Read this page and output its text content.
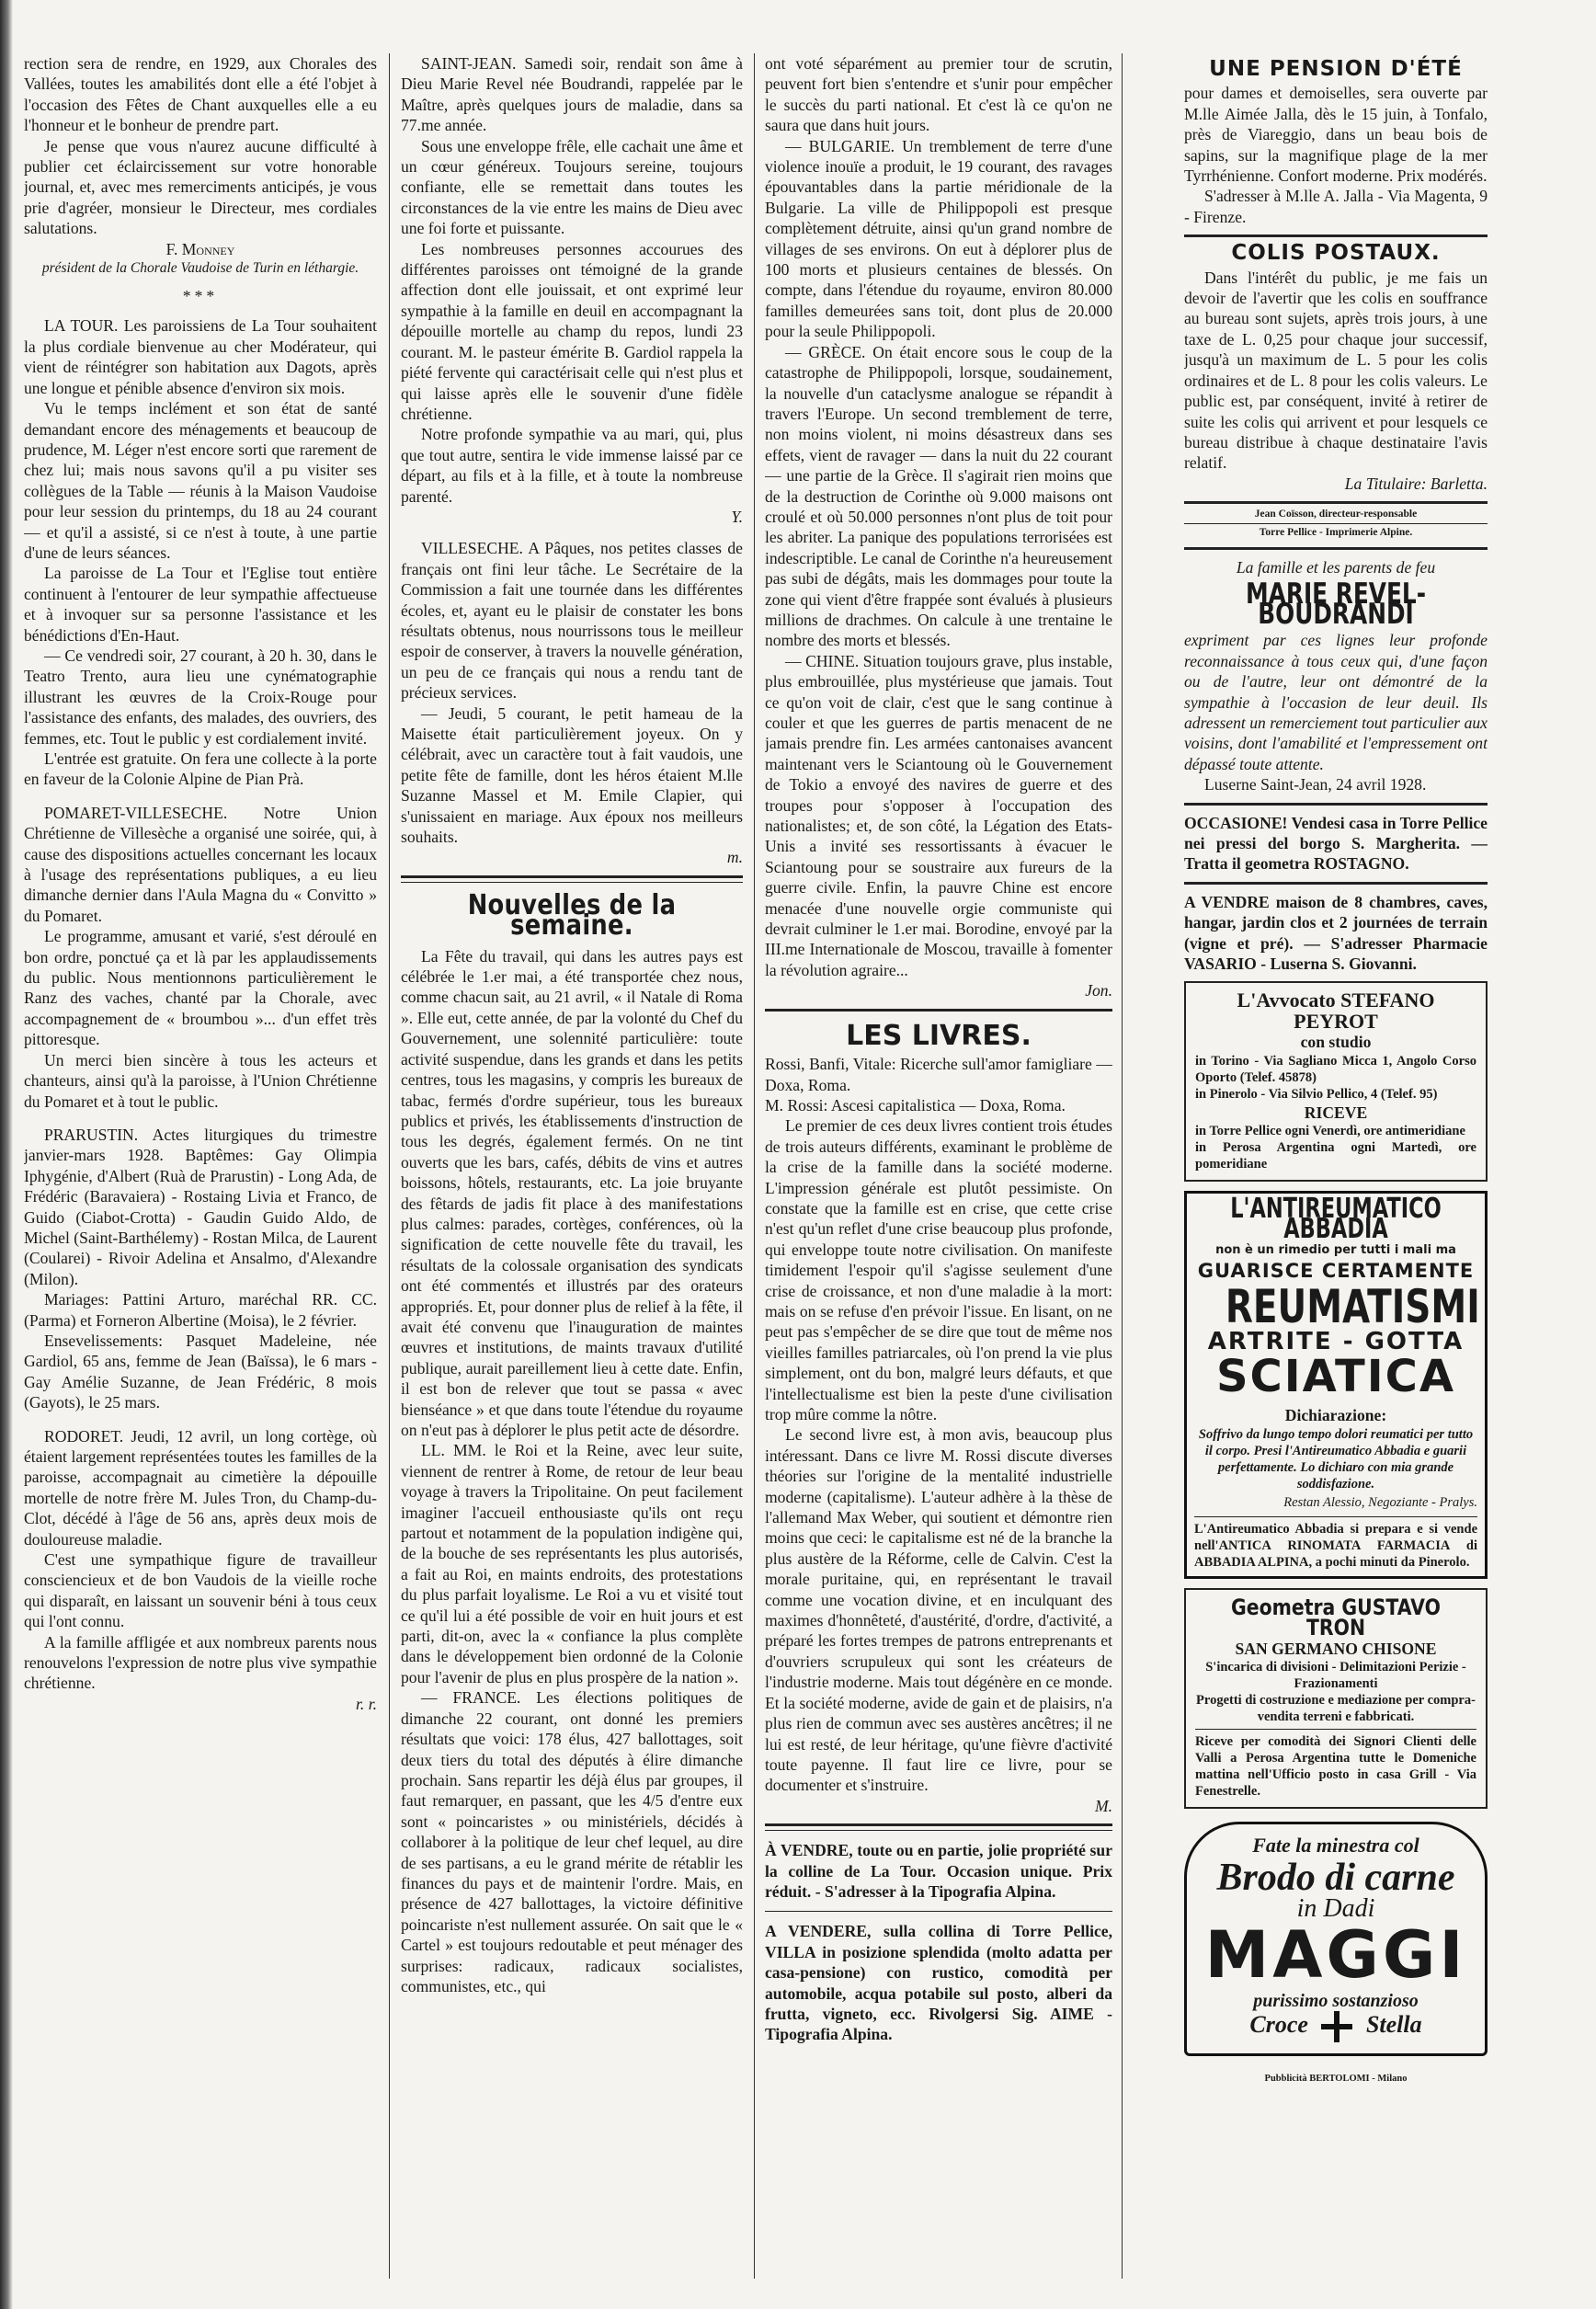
rection sera de rendre, en 1929, aux Chorales des Vallées, toutes les amabilités dont elle a été l'objet à l'occasion des Fêtes de Chant auxquelles elle a eu l'honneur et le bonheur de prendre part.

Je pense que vous n'aurez aucune difficulté à publier cet éclaircissement sur votre honorable journal, et, avec mes remerciments anticipés, je vous prie d'agréer, monsieur le Directeur, mes cordiales salutations.

F. Monney
président de la Chorale Vaudoise de Turin en léthargie.
***

LA TOUR. Les paroissiens de La Tour souhaitent la plus cordiale bienvenue au cher Modérateur, qui vient de réintégrer son habitation aux Dagots, après une longue et pénible absence d'environ six mois.

Vu le temps inclément et son état de santé demandant encore des ménagements et beaucoup de prudence, M. Léger n'est encore sorti que rarement de chez lui; mais nous savons qu'il a pu visiter ses collègues de la Table — réunis à la Maison Vaudoise pour leur session du printemps, du 18 au 24 courant — et qu'il a assisté, si ce n'est à toute, à une partie d'une de leurs séances.

La paroisse de La Tour et l'Eglise tout entière continuent à l'entourer de leur sympathie affectueuse et à invoquer sur sa personne l'assistance et les bénédictions d'En-Haut.

— Ce vendredi soir, 27 courant, à 20 h. 30, dans le Teatro Trento, aura lieu une cynématographie illustrant les œuvres de la Croix-Rouge pour l'assistance des enfants, des malades, des ouvriers, des femmes, etc. Tout le public y est cordialement invité.

L'entrée est gratuite. On fera une collecte à la porte en faveur de la Colonie Alpine de Pian Prà.

POMARET-VILLESECHE. Notre Union Chrétienne de Villesèche a organisé une soirée, qui, à cause des dispositions actuelles concernant les locaux à l'usage des représentations publiques, a eu lieu dimanche dernier dans l'Aula Magna du « Convitto » du Pomaret.

Le programme, amusant et varié, s'est déroulé en bon ordre, ponctué ça et là par les applaudissements du public. Nous mentionnons particulièrement le Ranz des vaches, chanté par la Chorale, avec accompagnement de « broumbou »... d'un effet très pittoresque.

Un merci bien sincère à tous les acteurs et chanteurs, ainsi qu'à la paroisse, à l'Union Chrétienne du Pomaret et à tout le public.

PRARUSTIN. Actes liturgiques du trimestre janvier-mars 1928. Baptêmes: Gay Olimpia Iphygénie, d'Albert (Ruà de Prarustin) - Long Ada, de Frédéric (Baravaiera) - Rostaing Livia et Franco, de Guido (Ciabot-Crotta) - Gaudin Guido Aldo, de Michel (Saint-Barthélemy) - Rostan Milca, de Laurent (Coularei) - Rivoir Adelina et Ansalmo, d'Alexandre (Milon).

Mariages: Pattini Arturo, maréchal RR. CC. (Parma) et Forneron Albertine (Moisa), le 2 février.

Ensevelissements: Pasquet Madeleine, née Gardiol, 65 ans, femme de Jean (Baïssa), le 6 mars - Gay Amélie Suzanne, de Jean Frédéric, 8 mois (Gayots), le 25 mars.

RODORET. Jeudi, 12 avril, un long cortège, où étaient largement représentées toutes les familles de la paroisse, accompagnait au cimetière la dépouille mortelle de notre frère M. Jules Tron, du Champ-du-Clot, décédé à l'âge de 56 ans, après deux mois de douloureuse maladie.

C'est une sympathique figure de travailleur consciencieux et de bon Vaudois de la vieille roche qui disparaît, en laissant un souvenir béni à tous ceux qui l'ont connu.

A la famille affligée et aux nombreux parents nous renouvelons l'expression de notre plus vive sympathie chrétienne.

r. r.

SAINT-JEAN. Samedi soir, rendait son âme à Dieu Marie Revel née Boudrandi, rappelée par le Maître, après quelques jours de maladie, dans sa 77.me année.

Sous une enveloppe frêle, elle cachait une âme et un cœur généreux. Toujours sereine, toujours confiante, elle se remettait dans toutes les circonstances de la vie entre les mains de Dieu avec une foi forte et puissante.

Les nombreuses personnes accourues des différentes paroisses ont témoigné de la grande affection dont elle jouissait, et ont exprimé leur sympathie à la famille en deuil en accompagnant la dépouille mortelle au champ du repos, lundi 23 courant. M. le pasteur émérite B. Gardiol rappela la piété fervente qui caractérisait celle qui n'est plus et qui laisse après elle le souvenir d'une fidèle chrétienne.

Notre profonde sympathie va au mari, qui, plus que tout autre, sentira le vide immense laissé par ce départ, au fils et à la fille, et à toute la nombreuse parenté.

Y.

VILLESECHE. A Pâques, nos petites classes de français ont fini leur tâche. Le Secrétaire de la Commission a fait une tournée dans les différentes écoles, et, ayant eu le plaisir de constater les bons résultats obtenus, nous nourrissons tous le meilleur espoir de conserver, à travers la nouvelle génération, un peu de ce français qui nous a rendu tant de précieux services.

— Jeudi, 5 courant, le petit hameau de la Maisette était particulièrement joyeux. On y célébrait, avec un caractère tout à fait vaudois, une petite fête de famille, dont les héros étaient M.lle Suzanne Massel et M. Emile Clapier, qui s'unissaient en mariage. Aux époux nos meilleurs souhaits.

m.
Nouvelles de la semaine.

La Fête du travail, qui dans les autres pays est célébrée le 1.er mai, a été transportée chez nous, comme chacun sait, au 21 avril, « il Natale di Roma ». Elle eut, cette année, de par la volonté du Chef du Gouvernement, une solennité particulière: toute activité suspendue, dans les grands et dans les petits centres, tous les magasins, y compris les bureaux de tabac, fermés d'ordre supérieur, tous les bureaux publics et privés, les établissements d'instruction de tous les degrés, également fermés. On ne tint ouverts que les bars, cafés, débits de vins et autres boissons, hôtels, restaurants, etc. La joie bruyante des fêtards de jadis fit place à des manifestations plus calmes: parades, cortèges, conférences, où la signification de cette nouvelle fête du travail, les résultats de la colossale organisation des syndicats ont été commentés et illustrés par des orateurs appropriés. Et, pour donner plus de relief à la fête, il avait été convenu que l'inauguration de maintes œuvres et institutions, de maints travaux d'utilité publique, aurait pareillement lieu à cette date. Enfin, il est bon de relever que tout se passa « avec bienséance » et que dans toute l'étendue du royaume on n'eut pas à déplorer le plus petit acte de désordre.

LL. MM. le Roi et la Reine, avec leur suite, viennent de rentrer à Rome, de retour de leur beau voyage à travers la Tripolitaine. On peut facilement imaginer l'accueil enthousiaste qu'ils ont reçu partout et notamment de la population indigène qui, de la bouche de ses représentants les plus autorisés, a fait au Roi, en maints endroits, des protestations du plus parfait loyalisme. Le Roi a vu et visité tout ce qu'il lui a été possible de voir en huit jours et est parti, dit-on, avec la « confiance la plus complète dans le développement bien ordonné de la Colonie pour l'avenir de plus en plus prospère de la nation ».

— FRANCE. Les élections politiques de dimanche 22 courant, ont donné les premiers résultats que voici: 178 élus, 427 ballottages, soit deux tiers du total des députés à élire dimanche prochain. Sans repartir les déjà élus par groupes, il faut remarquer, en passant, que les 4/5 d'entre eux sont « poincaristes » ou ministériels, décidés à collaborer à la politique de leur chef lequel, au dire de ses partisans, a eu le grand mérite de rétablir les finances du pays et de maintenir l'ordre. Mais, en présence de 427 ballottages, la victoire définitive poincariste n'est nullement assurée. On sait que le « Cartel » est toujours redoutable et peut ménager des surprises: radicaux, radicaux socialistes, communistes, etc., qui

ont voté séparément au premier tour de scrutin, peuvent fort bien s'entendre et s'unir pour empêcher le succès du parti national. Et c'est là ce qu'on ne saura que dans huit jours.

— BULGARIE. Un tremblement de terre d'une violence inouïe a produit, le 19 courant, des ravages épouvantables dans la partie méridionale de la Bulgarie. La ville de Philippopoli est presque complètement détruite, ainsi qu'un grand nombre de villages de ses environs. On eut à déplorer plus de 100 morts et plusieurs centaines de blessés. On compte, dans l'étendue du royaume, environ 80.000 familles demeurées sans toit, dont plus de 20.000 pour la seule Philippopoli.

— GRÈCE. On était encore sous le coup de la catastrophe de Philippopoli, lorsque, soudainement, la nouvelle d'un cataclysme analogue se répandit à travers l'Europe. Un second tremblement de terre, non moins violent, ni moins désastreux dans ses effets, vient de ravager — dans la nuit du 22 courant — une partie de la Grèce. Il s'agirait rien moins que de la destruction de Corinthe où 9.000 maisons ont croulé et où 50.000 personnes n'ont plus de toit pour les abriter. La panique des populations terrorisées est indescriptible. Le canal de Corinthe n'a heureusement pas subi de dégâts, mais les dommages pour toute la zone qui vient d'être frappée sont évalués à plusieurs millions de drachmes. On calcule à une trentaine le nombre des morts et blessés.

— CHINE. Situation toujours grave, plus instable, plus embrouillée, plus mystérieuse que jamais. Tout ce qu'on voit de clair, c'est que le sang continue à couler et que les guerres de partis menacent de ne jamais prendre fin. Les armées cantonaises avancent maintenant vers le Sciantoung où le Gouvernement de Tokio a envoyé des navires de guerre et des troupes pour s'opposer à l'occupation des nationalistes; et, de son côté, la Légation des Etats-Unis a invité ses ressortissants à évacuer le Sciantoung pour se soustraire aux fureurs de la guerre civile. Enfin, la pauvre Chine est encore menacée d'une nouvelle orgie communiste qui devrait culminer le 1.er mai. Borodine, envoyé par la III.me Internationale de Moscou, travaille à fomenter la révolution agraire...

Jon.
LES LIVRES.

Rossi, Banfi, Vitale: Ricerche sull'amor famigliare — Doxa, Roma.

M. Rossi: Ascesi capitalistica — Doxa, Roma.

Le premier de ces deux livres contient trois études de trois auteurs différents, examinant le problème de la crise de la famille dans la société moderne. L'impression générale est plutôt pessimiste. On constate que la famille est en crise, que cette crise n'est qu'un reflet d'une crise beaucoup plus profonde, qui enveloppe toute notre civilisation. On manifeste timidement l'espoir qu'il s'agisse seulement d'une crise de croissance, et non d'une maladie à la mort: mais on se refuse d'en prévoir l'issue. En lisant, on ne peut pas s'empêcher de se dire que tout de même nos vieilles familles patriarcales, où l'on prend la vie plus simplement, ont du bon, malgré leurs défauts, et que l'intellectualisme est bien la peste d'une civilisation trop mûre comme la nôtre.

Le second livre est, à mon avis, beaucoup plus intéressant. Dans ce livre M. Rossi discute diverses théories sur l'origine de la mentalité industrielle moderne (capitalisme). L'auteur adhère à la thèse de l'allemand Max Weber, qui soutient et démontre rien moins que ceci: le capitalisme est né de la branche la plus austère de la Réforme, celle de Calvin. C'est la morale puritaine, qui, en représentant le travail comme une vocation divine, et en inculquant des maximes d'honnêteté, d'austérité, d'ordre, d'activité, a préparé les fortes trempes de patrons entreprenants et d'ouvriers scrupuleux qui sont les créateurs de l'industrie moderne. Mais tout dégénère en ce monde. Et la société moderne, avide de gain et de plaisirs, n'a plus rien de commun avec ses austères ancêtres; il ne lui est resté, de leur héritage, qu'une fièvre d'activité toute payenne. Il faut lire ce livre, pour se documenter et s'instruire.

M.

À VENDRE, toute ou en partie, jolie propriété sur la colline de La Tour. Occasion unique. Prix réduit. - S'adresser à la Tipografia Alpina.

A VENDERE, sulla collina di Torre Pellice, VILLA in posizione splendida (molto adatta per casa-pensione) con rustico, comodità per automobile, acqua potabile sul posto, alberi da frutta, vigneto, ecc. Rivolgersi Sig. AIME - Tipografia Alpina.

UNE PENSION D'ÉTÉ

pour dames et demoiselles, sera ouverte par M.lle Aimée Jalla, dès le 15 juin, à Tonfalo, près de Viareggio, dans un beau bois de sapins, sur la magnifique plage de la mer Tyrrhénienne. Confort moderne. Prix modérés.

S'adresser à M.lle A. Jalla - Via Magenta, 9 - Firenze.

COLIS POSTAUX.

Dans l'intérêt du public, je me fais un devoir de l'avertir que les colis en souffrance au bureau sont sujets, après trois jours, à une taxe de L. 0,25 pour chaque jour successif, jusqu'à un maximum de L. 5 pour les colis ordinaires et de L. 8 pour les colis valeurs. Le public est, par conséquent, invité à retirer de suite les colis qui arrivent et pour lesquels ce bureau distribue à chaque destinataire l'avis relatif.

La Titulaire: Barletta.
Jean Coïsson, directeur-responsable
Torre Pellice - Imprimerie Alpine.
La famille et les parents de feu
MARIE REVEL-BOUDRANDI

expriment par ces lignes leur profonde reconnaissance à tous ceux qui, d'une façon ou de l'autre, leur ont démontré de la sympathie à l'occasion de leur deuil. Ils adressent un remerciement tout particulier aux voisins, dont l'amabilité et l'empressement ont dépassé toute attente.

Luserne Saint-Jean, 24 avril 1928.

OCCASIONE! Vendesi casa in Torre Pellice nei pressi del borgo S. Margherita. — Tratta il geometra ROSTAGNO.

A VENDRE maison de 8 chambres, caves, hangar, jardin clos et 2 journées de terrain (vigne et pré). — S'adresser Pharmacie VASARIO - Luserna S. Giovanni.

L'Avvocato STEFANO PEYROT
con studio
in Torino - Via Sagliano Micca 1, Angolo Corso Oporto (Telef. 45878)
in Pinerolo - Via Silvio Pellico, 4 (Telef. 95)
RICEVE
in Torre Pellice ogni Venerdì, ore antimeridiane
in Perosa Argentina ogni Martedì, ore pomeridiane
L'ANTIREUMATICO ABBADIA
non è un rimedio per tutti i mali ma
GUARISCE CERTAMENTE
REUMATISMI
ARTRITE - GOTTA
SCIATICA
Dichiarazione:
Soffrivo da lungo tempo dolori reumatici per tutto il corpo. Presi l'Antireumatico Abbadia e guarii perfettamente. Lo dichiaro con mia grande soddisfazione.
Restan Alessio, Negoziante - Pralys.
L'Antireumatico Abbadia si prepara e si vende nell'ANTICA RINOMATA FARMACIA di ABBADIA ALPINA, a pochi minuti da Pinerolo.
Geometra GUSTAVO TRON
SAN GERMANO CHISONE
S'incarica di divisioni - Delimitazioni Perizie - Frazionamenti
Progetti di costruzione e mediazione per compra-vendita terreni e fabbricati.
Riceve per comodità dei Signori Clienti delle Valli a Perosa Argentina tutte le Domeniche mattina nell'Ufficio posto in casa Grill - Via Fenestrelle.
Fate la minestra col
Brodo di carne
in Dadi
MAGGI
purissimo sostanzioso
Croce Stella
Pubblicità BERTOLOMI - Milano
